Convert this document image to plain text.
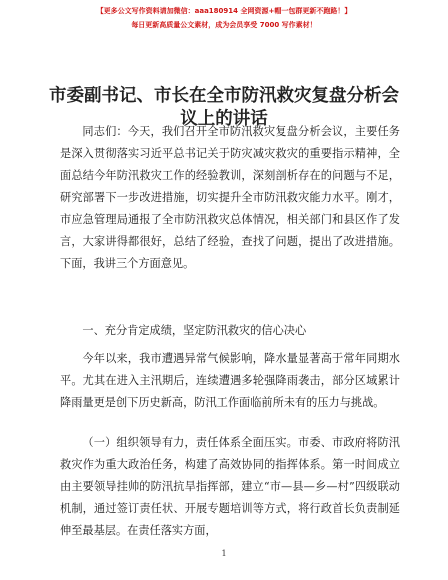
【更多公文写作资料请加微信：aaa180914 全网资源+帽一包群更新不跑路！】
每日更新高质量公文素材，成为会员享受 7000 写作素材！
市委副书记、市长在全市防汛救灾复盘分析会
议上的讲话

同志们：今天，我们召开全市防汛救灾复盘分析会议，主要任务是深入贯彻落实习近平总书记关于防灾减灾救灾的重要指示精神，全面总结今年防汛救灾工作的经验教训，深刻剖析存在的问题与不足，研究部署下一步改进措施，切实提升全市防汛救灾能力水平。刚才，市应急管理局通报了全市防汛救灾总体情况，相关部门和县区作了发言，大家讲得都很好，总结了经验，查找了问题，提出了改进措施。下面，我讲三个方面意见。

一、充分肯定成绩，坚定防汛救灾的信心决心

今年以来，我市遭遇异常气候影响，降水量显著高于常年同期水平。尤其在进入主汛期后，连续遭遇多轮强降雨袭击，部分区域累计降雨量更是创下历史新高，防汛工作面临前所未有的压力与挑战。

（一）组织领导有力，责任体系全面压实。市委、市政府将防汛救灾作为重大政治任务，构建了高效协同的指挥体系。第一时间成立由主要领导挂帅的防汛抗旱指挥部，建立“市—县—乡—村”四级联动机制，通过签订责任状、开展专题培训等方式，将行政首长负责制延伸至最基层。在责任落实方面，

1
